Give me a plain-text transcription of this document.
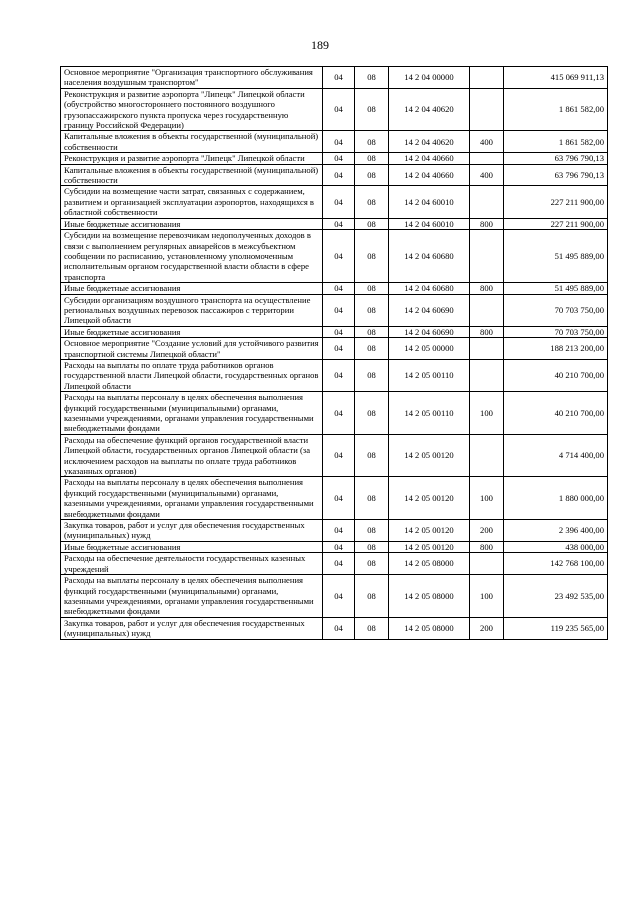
189
Основное мероприятие "Организация транспортного обслуживания населения воздушным транспортом"	04	08	14 2 04 00000		415 069 911,13
Реконструкция и развитие аэропорта "Липецк" Липецкой области (обустройство многостороннего постоянного воздушного грузопассажирского пункта пропуска через государственную границу Российской Федерации)	04	08	14 2 04 40620		1 861 582,00
Капитальные вложения в объекты государственной (муниципальной) собственности	04	08	14 2 04 40620	400	1 861 582,00
Реконструкция и развитие аэропорта "Липецк" Липецкой области	04	08	14 2 04 40660		63 796 790,13
Капитальные вложения в объекты государственной (муниципальной) собственности	04	08	14 2 04 40660	400	63 796 790,13
Субсидии на возмещение части затрат, связанных с содержанием, развитием и организацией эксплуатации аэропортов, находящихся в областной собственности	04	08	14 2 04 60010		227 211 900,00
Иные бюджетные ассигнования	04	08	14 2 04 60010	800	227 211 900,00
Субсидии на возмещение перевозчикам недополученных доходов в связи с выполнением регулярных авиарейсов в межсубъектном сообщении по расписанию, установленному уполномоченным исполнительным органом государственной власти области в сфере транспорта	04	08	14 2 04 60680		51 495 889,00
Иные бюджетные ассигнования	04	08	14 2 04 60680	800	51 495 889,00
Субсидии организациям воздушного транспорта на осуществление региональных воздушных перевозок пассажиров с территории Липецкой области	04	08	14 2 04 60690		70 703 750,00
Иные бюджетные ассигнования	04	08	14 2 04 60690	800	70 703 750,00
Основное мероприятие "Создание условий для устойчивого развития транспортной системы Липецкой области"	04	08	14 2 05 00000		188 213 200,00
Расходы на выплаты по оплате труда работников органов государственной власти Липецкой области, государственных органов Липецкой области	04	08	14 2 05 00110		40 210 700,00
Расходы на выплаты персоналу в целях обеспечения выполнения функций государственными (муниципальными) органами, казенными учреждениями, органами управления государственными внебюджетными фондами	04	08	14 2 05 00110	100	40 210 700,00
Расходы на обеспечение функций органов государственной власти Липецкой области, государственных органов Липецкой области (за исключением расходов на выплаты по оплате труда работников указанных органов)	04	08	14 2 05 00120		4 714 400,00
Расходы на выплаты персоналу в целях обеспечения выполнения функций государственными (муниципальными) органами, казенными учреждениями, органами управления государственными внебюджетными фондами	04	08	14 2 05 00120	100	1 880 000,00
Закупка товаров, работ и услуг для обеспечения государственных (муниципальных) нужд	04	08	14 2 05 00120	200	2 396 400,00
Иные бюджетные ассигнования	04	08	14 2 05 00120	800	438 000,00
Расходы на обеспечение деятельности государственных казенных учреждений	04	08	14 2 05 08000		142 768 100,00
Расходы на выплаты персоналу в целях обеспечения выполнения функций государственными (муниципальными) органами, казенными учреждениями, органами управления государственными внебюджетными фондами	04	08	14 2 05 08000	100	23 492 535,00
Закупка товаров, работ и услуг для обеспечения государственных (муниципальных) нужд	04	08	14 2 05 08000	200	119 235 565,00
